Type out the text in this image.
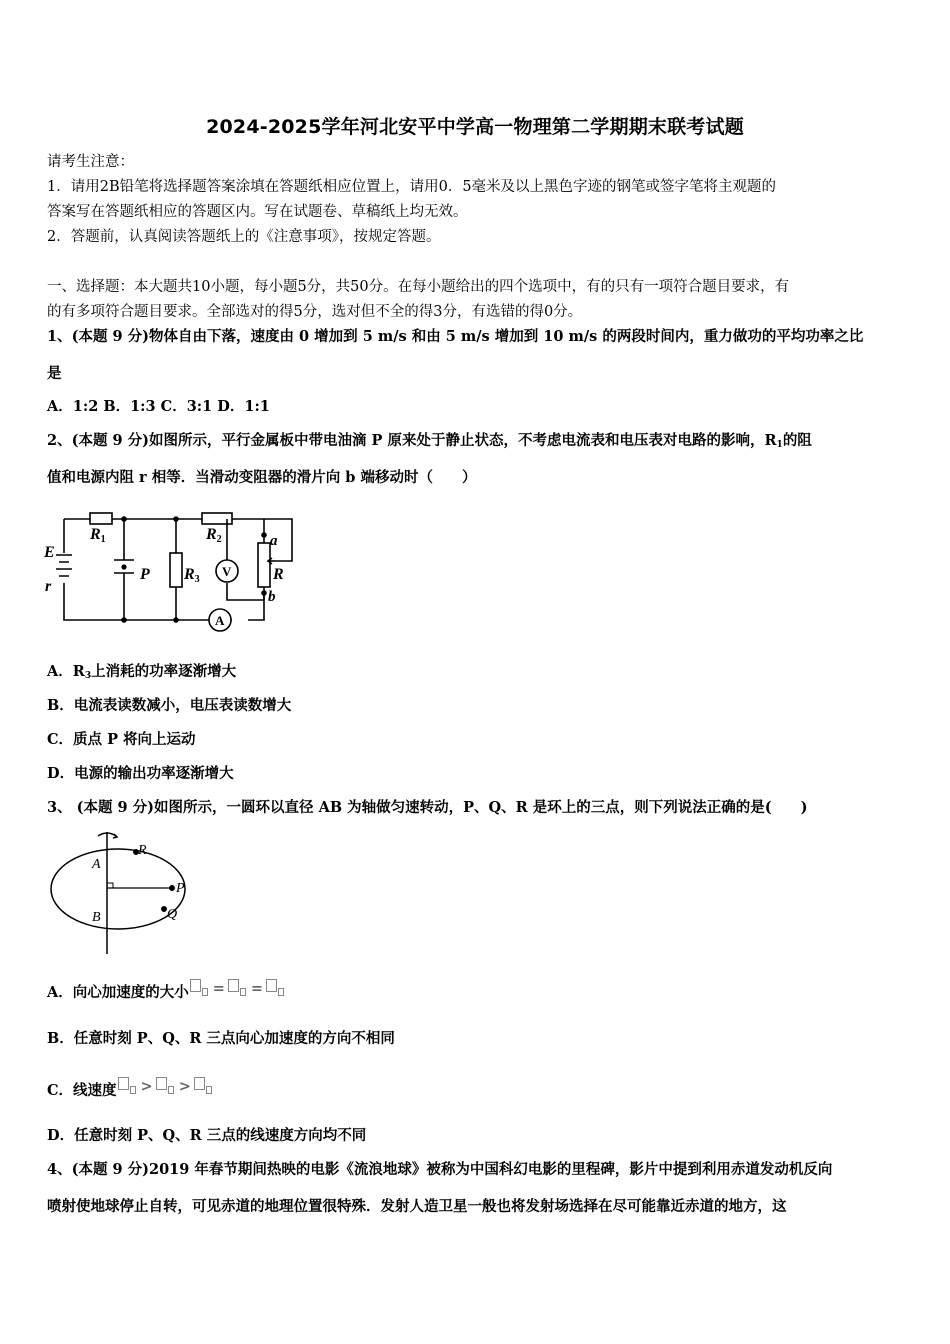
2024-2025学年河北安平中学高一物理第二学期期末联考试题
请考生注意：
1．请用2B铅笔将选择题答案涂填在答题纸相应位置上，请用0．5毫米及以上黑色字迹的钢笔或签字笔将主观题的
答案写在答题纸相应的答题区内。写在试题卷、草稿纸上均无效。
2．答题前，认真阅读答题纸上的《注意事项》，按规定答题。
一、选择题：本大题共10小题，每小题5分，共50分。在每小题给出的四个选项中，有的只有一项符合题目要求，有
的有多项符合题目要求。全部选对的得5分，选对但不全的得3分，有选错的得0分。
1、(本题 9 分)物体自由下落，速度由 0 增加到 5 m/s 和由 5 m/s 增加到 10 m/s 的两段时间内，重力做功的平均功率之比
是
A．1:2 B．1:3 C．3:1 D．1:1
2、(本题 9 分)如图所示，平行金属板中带电油滴 P 原来处于静止状态，不考虑电流表和电压表对电路的影响，$R_1$的阻
值和电源内阻 r 相等．当滑动变阻器的滑片向 b 端移动时（　　）
E
r
R1
P R3
R2
V
A
R
a
b
A．$R_3$上消耗的功率逐渐增大
B．电流表读数减小，电压表读数增大
C．质点 P 将向上运动
D．电源的输出功率逐渐增大
3、 (本题 9 分)如图所示，一圆环以直径 AB 为轴做匀速转动，P、Q、R 是环上的三点，则下列说法正确的是(　　)
A
B
P
Q
R
A．向心加速度的大小 = =
B．任意时刻 P、Q、R 三点向心加速度的方向不相同
C．线速度 > >
D．任意时刻 P、Q、R 三点的线速度方向均不同
4、(本题 9 分)2019 年春节期间热映的电影《流浪地球》被称为中国科幻电影的里程碑，影片中提到利用赤道发动机反向
喷射使地球停止自转，可见赤道的地理位置很特殊．发射人造卫星一般也将发射场选择在尽可能靠近赤道的地方，这
